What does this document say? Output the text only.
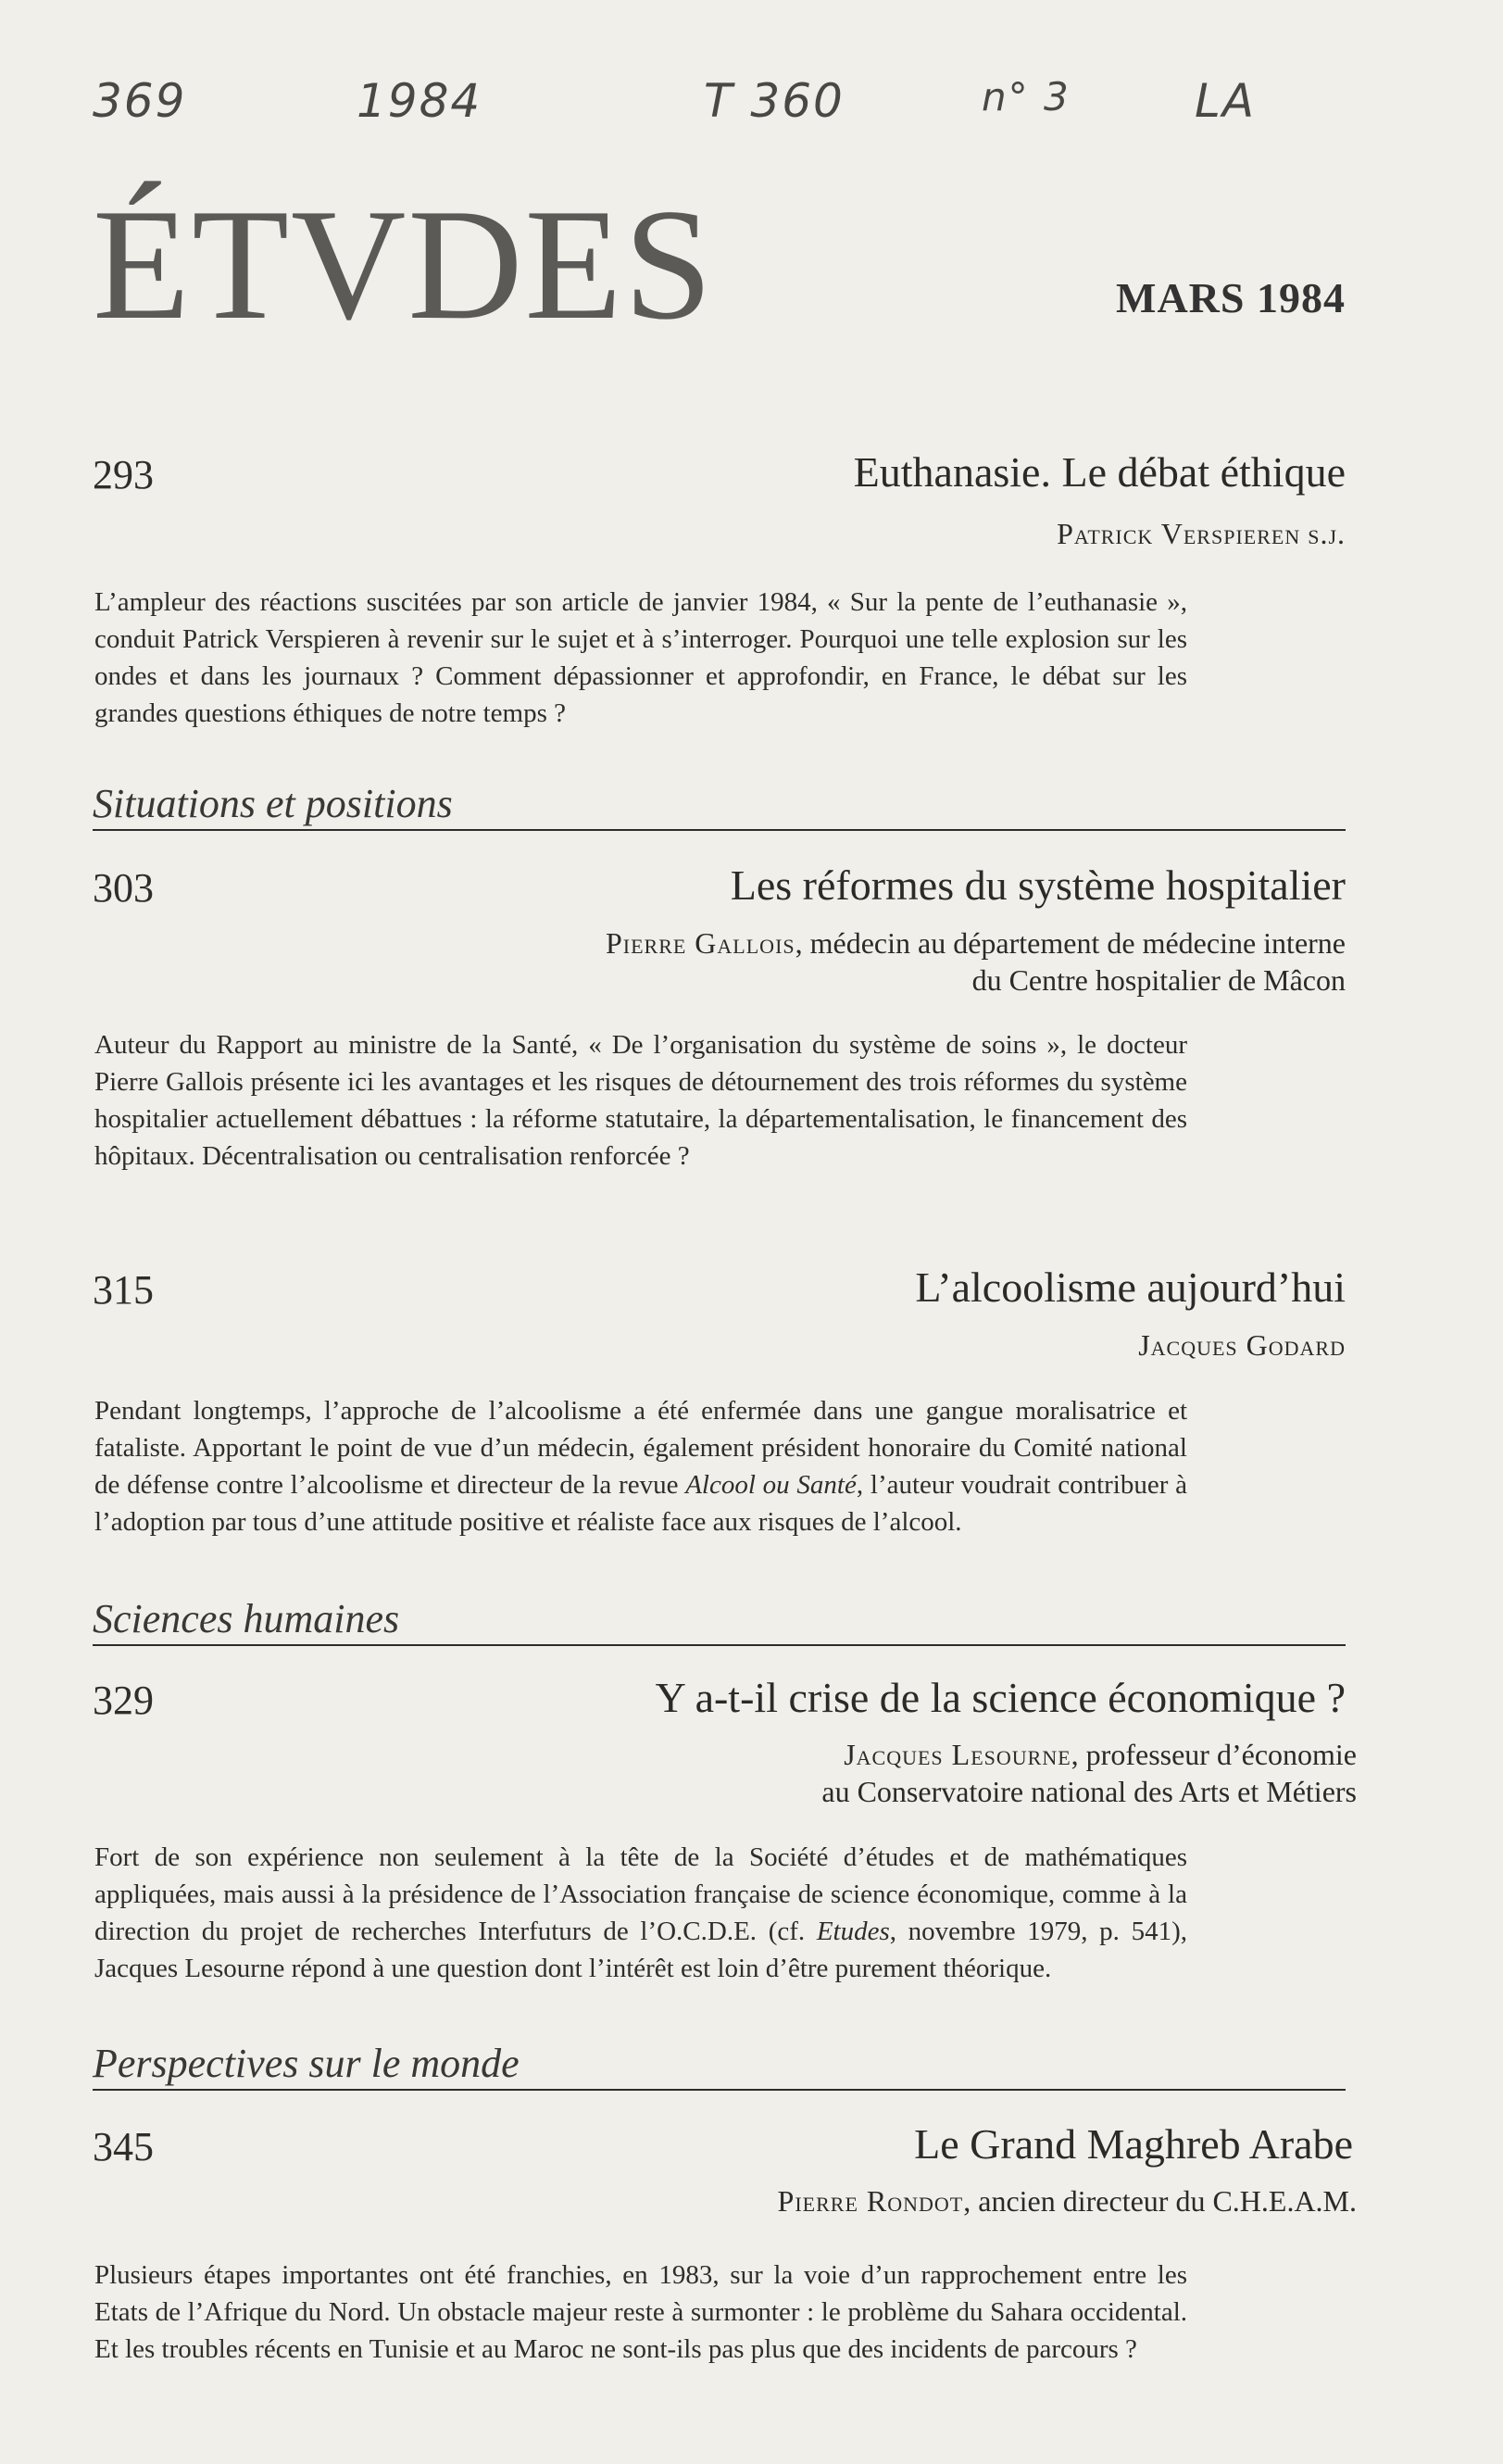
369	1984	T 360	n° 3	LA
ÉTVDES	MARS 1984
293	Euthanasie. Le débat éthique
Patrick Verspieren s.j.
L’ampleur des réactions suscitées par son article de janvier 1984, « Sur la pente de l’euthanasie », conduit Patrick Verspieren à revenir sur le sujet et à s’interroger. Pourquoi une telle explosion sur les ondes et dans les journaux ? Comment dépassionner et approfondir, en France, le débat sur les grandes questions éthiques de notre temps ?
Situations et positions
303	Les réformes du système hospitalier
Pierre Gallois, médecin au département de médecine interne
du Centre hospitalier de Mâcon
Auteur du Rapport au ministre de la Santé, « De l’organisation du système de soins », le docteur Pierre Gallois présente ici les avantages et les risques de détournement des trois réformes du système hospitalier actuellement débattues : la réforme statutaire, la départementalisation, le financement des hôpitaux. Décentralisation ou centralisation renforcée ?
315	L’alcoolisme aujourd’hui
Jacques Godard
Pendant longtemps, l’approche de l’alcoolisme a été enfermée dans une gangue moralisatrice et fataliste. Apportant le point de vue d’un médecin, également président honoraire du Comité national de défense contre l’alcoolisme et directeur de la revue Alcool ou Santé, l’auteur voudrait contribuer à l’adoption par tous d’une attitude positive et réaliste face aux risques de l’alcool.
Sciences humaines
329	Y a-t-il crise de la science économique ?
Jacques Lesourne, professeur d’économie
au Conservatoire national des Arts et Métiers
Fort de son expérience non seulement à la tête de la Société d’études et de mathématiques appliquées, mais aussi à la présidence de l’Association française de science économique, comme à la direction du projet de recherches Interfuturs de l’O.C.D.E. (cf. Etudes, novembre 1979, p. 541), Jacques Lesourne répond à une question dont l’intérêt est loin d’être purement théorique.
Perspectives sur le monde
345	Le Grand Maghreb Arabe
Pierre Rondot, ancien directeur du C.H.E.A.M.
Plusieurs étapes importantes ont été franchies, en 1983, sur la voie d’un rapprochement entre les Etats de l’Afrique du Nord. Un obstacle majeur reste à surmonter : le problème du Sahara occidental. Et les troubles récents en Tunisie et au Maroc ne sont-ils pas plus que des incidents de parcours ?
